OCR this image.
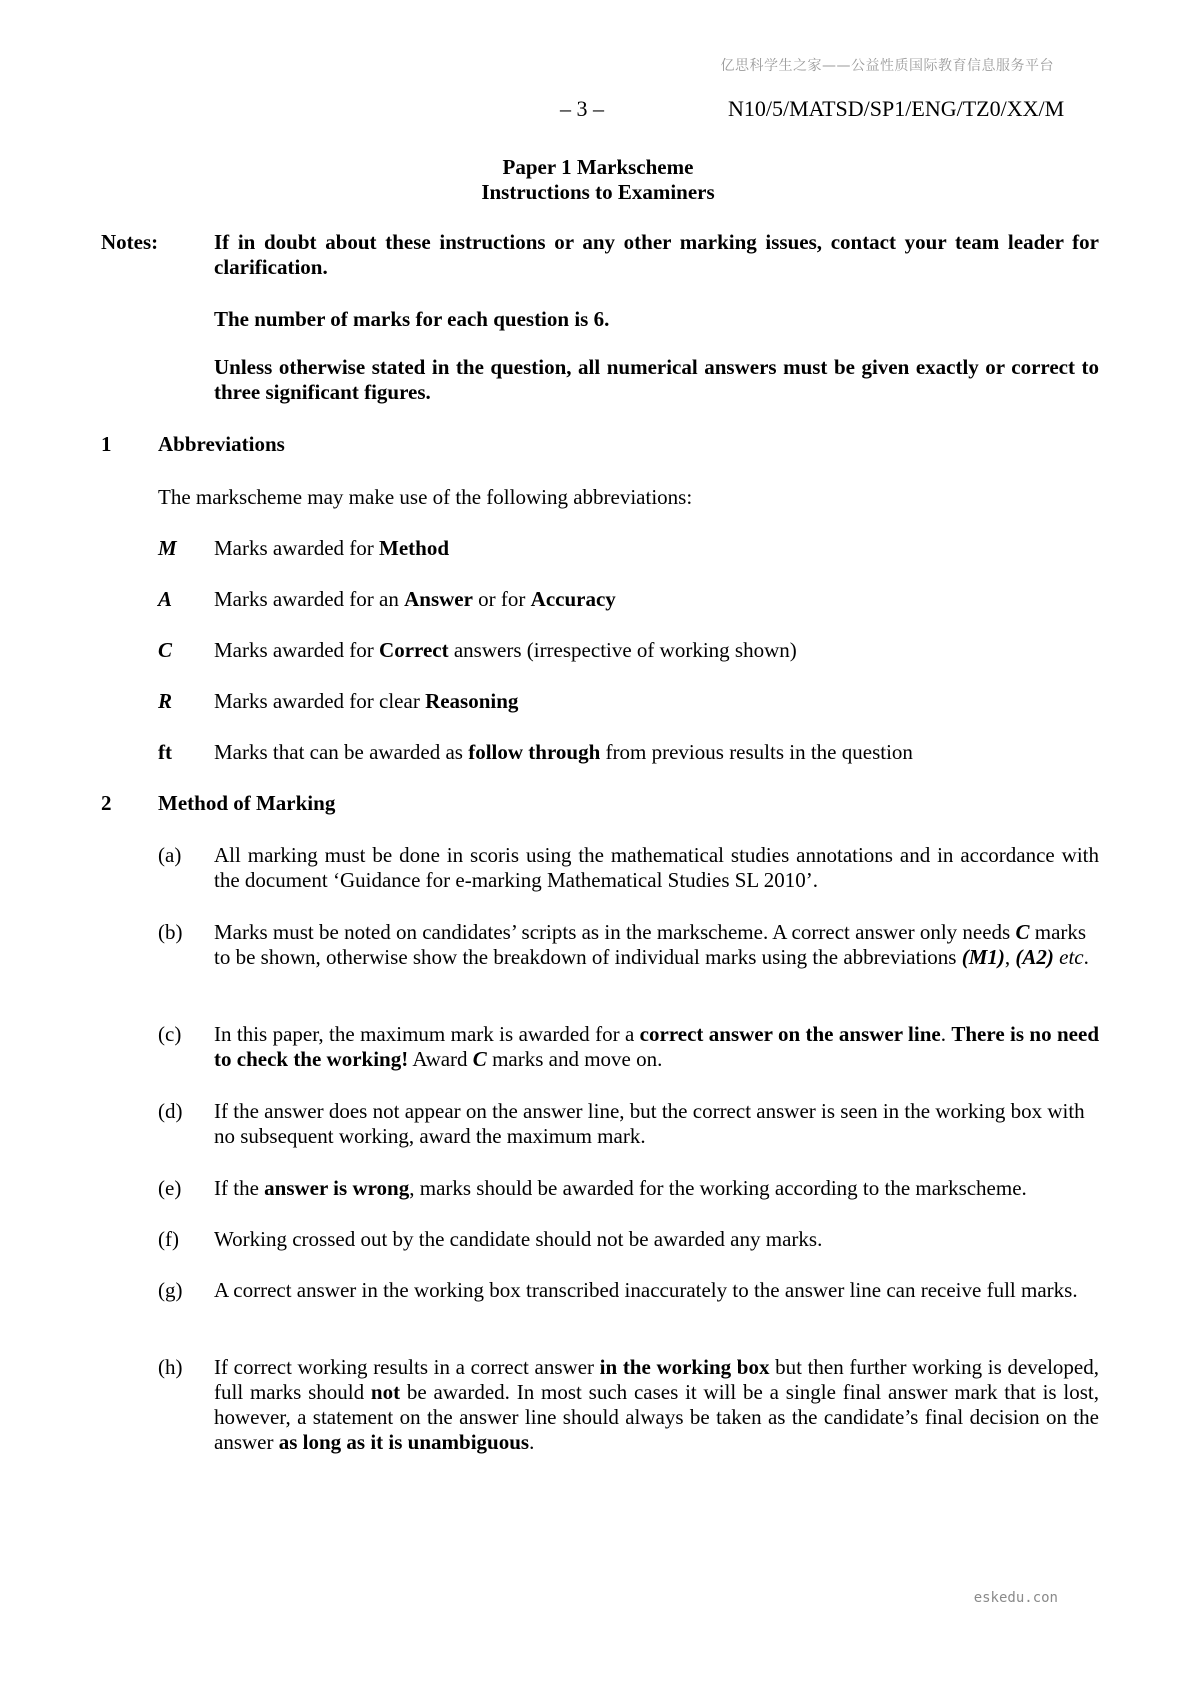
亿思科学生之家——公益性质国际教育信息服务平台
– 3 –	N10/5/MATSD/SP1/ENG/TZ0/XX/M
Paper 1 Markscheme
Instructions to Examiners
Notes:	If in doubt about these instructions or any other marking issues, contact your team leader for clarification.
The number of marks for each question is 6.
Unless otherwise stated in the question, all numerical answers must be given exactly or correct to three significant figures.
1 Abbreviations
The markscheme may make use of the following abbreviations:
M Marks awarded for Method
A Marks awarded for an Answer or for Accuracy
C Marks awarded for Correct answers (irrespective of working shown)
R Marks awarded for clear Reasoning
ft Marks that can be awarded as follow through from previous results in the question
2 Method of Marking
(a) All marking must be done in scoris using the mathematical studies annotations and in accordance with the document ‘Guidance for e-marking Mathematical Studies SL 2010’.
(b) Marks must be noted on candidates’ scripts as in the markscheme. A correct answer only needs C marks to be shown, otherwise show the breakdown of individual marks using the abbreviations (M1), (A2) etc.
(c) In this paper, the maximum mark is awarded for a correct answer on the answer line. There is no need to check the working! Award C marks and move on.
(d) If the answer does not appear on the answer line, but the correct answer is seen in the working box with no subsequent working, award the maximum mark.
(e) If the answer is wrong, marks should be awarded for the working according to the markscheme.
(f) Working crossed out by the candidate should not be awarded any marks.
(g) A correct answer in the working box transcribed inaccurately to the answer line can receive full marks.
(h) If correct working results in a correct answer in the working box but then further working is developed, full marks should not be awarded. In most such cases it will be a single final answer mark that is lost, however, a statement on the answer line should always be taken as the candidate’s final decision on the answer as long as it is unambiguous.
eskedu.con
